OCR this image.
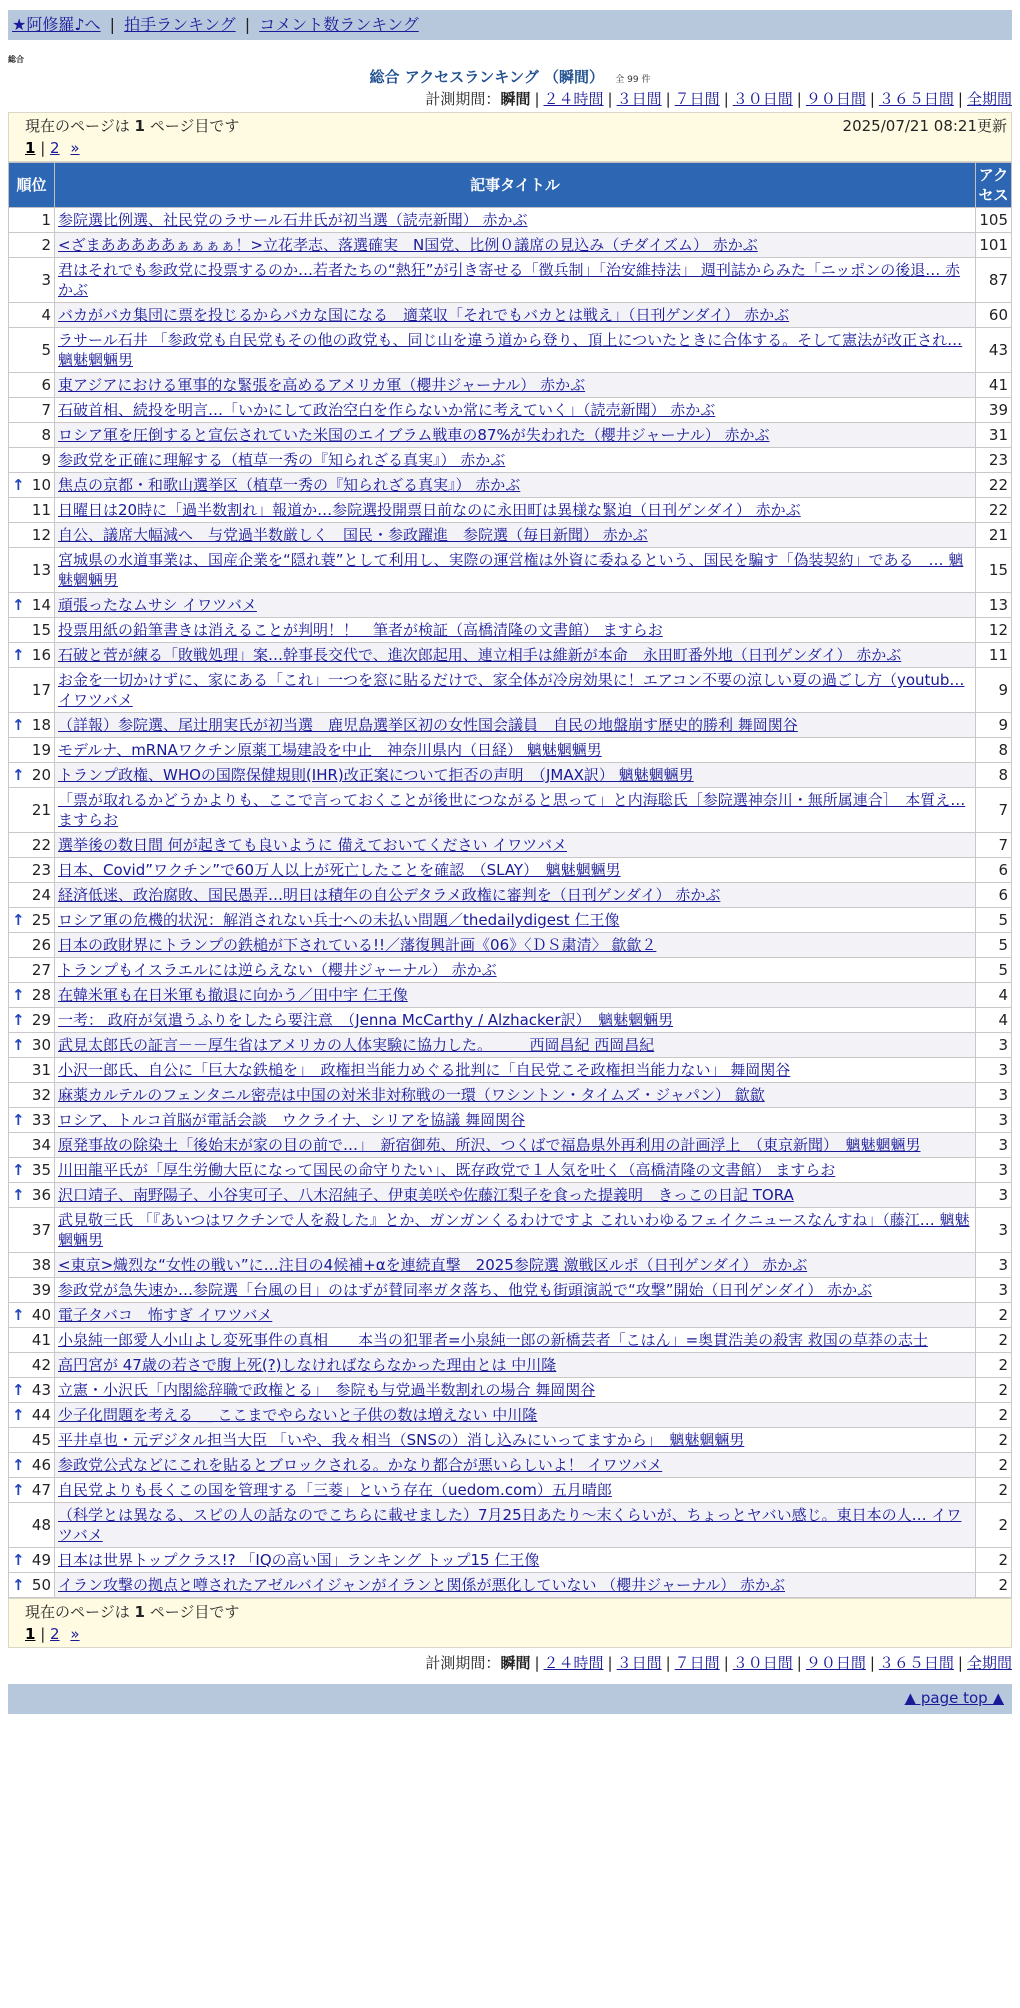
★阿修羅♪へ | 拍手ランキング | コメント数ランキング
総合
総合 アクセスランキング （瞬間） 全 99 件
計測期間：瞬間 | ２４時間 | ３日間 | ７日間 | ３０日間 | ９０日間 | ３６５日間 | 全期間
現在のページは 1 ページ目です	2025/07/21 08:21更新
1 | 2 »
順位	記事タイトル	アクセス
1	参院選比例選、社民党のラサール石井氏が初当選（読売新聞） 赤かぶ	105
2	<ざまあああああぁぁぁぁ！>立花孝志、落選確実　N国党、比例０議席の見込み（チダイズム） 赤かぶ	101
3	君はそれでも参政党に投票するのか…若者たちの“熱狂”が引き寄せる「徴兵制」「治安維持法」 週刊誌からみた「ニッポンの後退… 赤かぶ	87
4	バカがバカ集団に票を投じるからバカな国になる　適菜収「それでもバカとは戦え」（日刊ゲンダイ） 赤かぶ	60
5	ラサール石井 「参政党も自民党もその他の政党も、同じ山を違う道から登り、頂上についたときに合体する。そして憲法が改正され… 魑魅魍魎男	43
6	東アジアにおける軍事的な緊張を高めるアメリカ軍（櫻井ジャーナル） 赤かぶ	41
7	石破首相、続投を明言…「いかにして政治空白を作らないか常に考えていく」（読売新聞） 赤かぶ	39
8	ロシア軍を圧倒すると宣伝されていた米国のエイブラム戦車の87%が失われた（櫻井ジャーナル） 赤かぶ	31
9	参政党を正確に理解する（植草一秀の『知られざる真実』） 赤かぶ	23

↑ 10	焦点の京都・和歌山選挙区（植草一秀の『知られざる真実』） 赤かぶ	22
11	日曜日は20時に「過半数割れ」報道か…参院選投開票日前なのに永田町は異様な緊迫（日刊ゲンダイ） 赤かぶ	22
12	自公、議席大幅減へ　与党過半数厳しく　国民・参政躍進　参院選（毎日新聞） 赤かぶ	21
13	宮城県の水道事業は、国産企業を“隠れ蓑”として利用し、実際の運営権は外資に委ねるという、国民を騙す「偽装契約」である　… 魑魅魍魎男	15

↑ 14	頑張ったなムサシ イワツバメ	13
15	投票用紙の鉛筆書きは消えることが判明！！　筆者が検証（高橋清隆の文書館） ますらお	12

↑ 16	石破と菅が練る「敗戦処理」案…幹事長交代で、進次郎起用、連立相手は維新が本命　永田町番外地（日刊ゲンダイ） 赤かぶ	11
17	お金を一切かけずに、家にある「これ」一つを窓に貼るだけで、家全体が冷房効果に！エアコン不要の涼しい夏の過ごし方（youtub… イワツバメ	9

↑ 18	（詳報）参院選、尾辻朋実氏が初当選　鹿児島選挙区初の女性国会議員　自民の地盤崩す歴史的勝利 舞岡関谷	9
19	モデルナ、mRNAワクチン原薬工場建設を中止　神奈川県内（日経） 魑魅魍魎男	8

↑ 20	トランプ政権、WHOの国際保健規則(IHR)改正案について拒否の声明　（JMAX訳） 魑魅魍魎男	8
21	「票が取れるかどうかよりも、ここで言っておくことが後世につながると思って」と内海聡氏［参院選神奈川・無所属連合］　本質え… ますらお	7
22	選挙後の数日間 何が起きても良いように 備えておいてください イワツバメ	7
23	日本、Covid”ワクチン”で60万人以上が死亡したことを確認　（SLAY）　魑魅魍魎男	6
24	経済低迷、政治腐敗、国民愚弄…明日は積年の自公デタラメ政権に審判を（日刊ゲンダイ） 赤かぶ	6

↑ 25	ロシア軍の危機的状況：解消されない兵士への未払い問題／thedailydigest 仁王像	5
26	日本の政財界にトランプの鉄槌が下されている!!／藩復興計画《06》〈ＤＳ粛清〉 歙歙２	5
27	トランプもイスラエルには逆らえない（櫻井ジャーナル） 赤かぶ	5

↑ 28	在韓米軍も在日米軍も撤退に向かう／田中宇 仁王像	4

↑ 29	一考： 政府が気遣うふりをしたら要注意　（Jenna McCarthy / Alzhacker訳）　魑魅魍魎男	4

↑ 30	武見太郎氏の証言－－厚生省はアメリカの人体実験に協力した。　　　西岡昌紀 西岡昌紀	3
31	小沢一郎氏、自公に「巨大な鉄槌を」　政権担当能力めぐる批判に「自民党こそ政権担当能力ない」 舞岡関谷	3
32	麻薬カルテルのフェンタニル密売は中国の対米非対称戦の一環（ワシントン・タイムズ・ジャパン） 歙歙	3

↑ 33	ロシア、トルコ首脳が電話会談　ウクライナ、シリアを協議 舞岡関谷	3
34	原発事故の除染土「後始末が家の目の前で…」　新宿御苑、所沢、つくばで福島県外再利用の計画浮上　（東京新聞）　魑魅魍魎男	3

↑ 35	川田龍平氏が「厚生労働大臣になって国民の命守りたい」、既存政党で１人気を吐く（高橋清隆の文書館） ますらお	3

↑ 36	沢口靖子、南野陽子、小谷実可子、八木沼純子、伊東美咲や佐藤江梨子を食った提義明　きっこの日記 TORA	3
37	武見敬三氏 「『あいつはワクチンで人を殺した』とか、ガンガンくるわけですよ これいわゆるフェイクニュースなんすね」（藤江… 魑魅魍魎男	3
38	<東京>熾烈な“女性の戦い”に…注目の4候補+αを連続直撃　2025参院選 激戦区ルポ（日刊ゲンダイ） 赤かぶ	3
39	参政党が急失速か…参院選「台風の目」のはずが賛同率ガタ落ち、他党も街頭演説で“攻撃”開始（日刊ゲンダイ） 赤かぶ	3

↑ 40	電子タバコ　怖すぎ イワツバメ	2
41	小泉純一郎愛人小山よし変死事件の真相　　本当の犯罪者=小泉純一郎の新橋芸者「こはん」=奥貫浩美の殺害 救国の草莽の志士	2
42	高円宮が 47歳の若さで腹上死(?)しなければならなかった理由とは 中川隆	2

↑ 43	立憲・小沢氏「内閣総辞職で政権とる」　参院も与党過半数割れの場合 舞岡関谷	2

↑ 44	少子化問題を考える ＿ ここまでやらないと子供の数は増えない 中川隆	2
45	平井卓也・元デジタル担当大臣 「いや、我々相当（SNSの）消し込みにいってますから」　魑魅魍魎男	2

↑ 46	参政党公式などにこれを貼るとブロックされる。かなり都合が悪いらしいよ！ イワツバメ	2

↑ 47	自民党よりも長くこの国を管理する「三菱」という存在（uedom.com）五月晴郎	2
48	（科学とは異なる、スピの人の話なのでこちらに載せました）7月25日あたり〜末くらいが、ちょっとヤバい感じ。東日本の人… イワツバメ	2

↑ 49	日本は世界トップクラス!? 「IQの高い国」ランキング トップ15 仁王像	2

↑ 50	イラン攻撃の拠点と噂されたアゼルバイジャンがイランと関係が悪化していない （櫻井ジャーナル） 赤かぶ	2
現在のページは 1 ページ目です
1 | 2 »
計測期間：瞬間 | ２４時間 | ３日間 | ７日間 | ３０日間 | ９０日間 | ３６５日間 | 全期間
▲ page top ▲
